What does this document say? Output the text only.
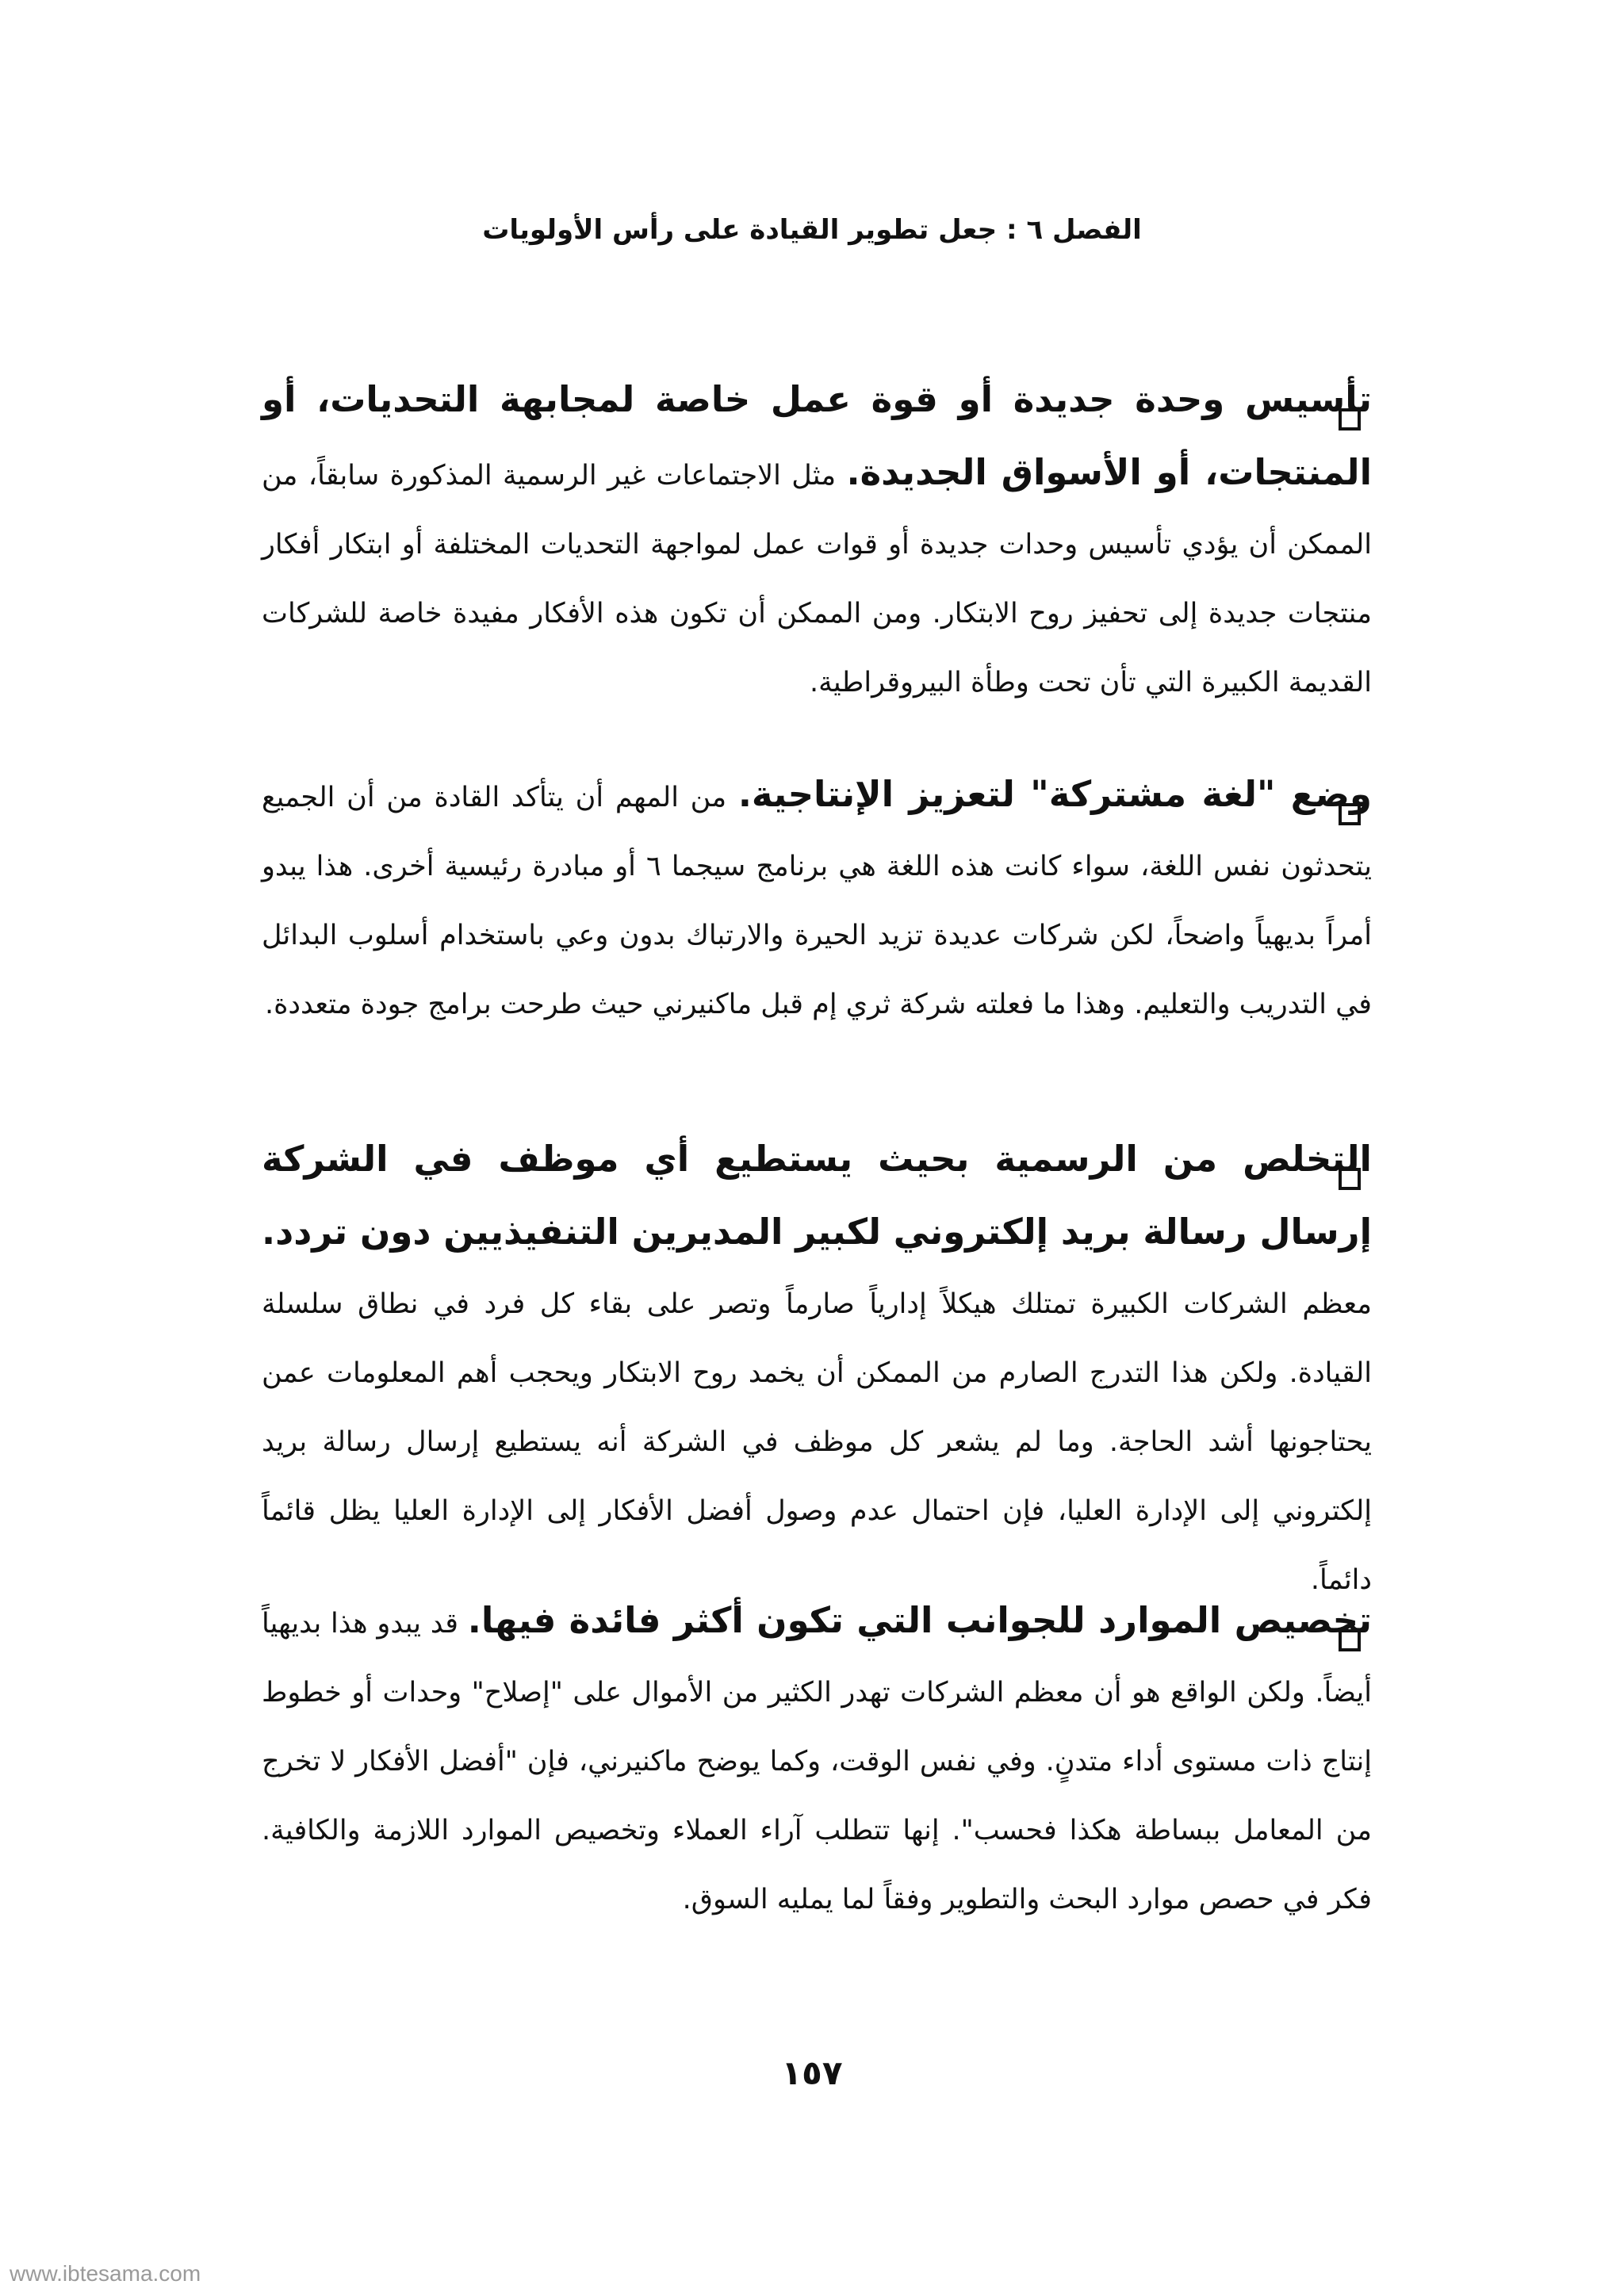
الفصل ٦ : جعل تطوير القيادة على رأس الأولويات
تأسيس وحدة جديدة أو قوة عمل خاصة لمجابهة التحديات، أو المنتجات، أو الأسواق الجديدة. مثل الاجتماعات غير الرسمية المذكورة سابقاً، من الممكن أن يؤدي تأسيس وحدات جديدة أو قوات عمل لمواجهة التحديات المختلفة أو ابتكار أفكار منتجات جديدة إلى تحفيز روح الابتكار. ومن الممكن أن تكون هذه الأفكار مفيدة خاصة للشركات القديمة الكبيرة التي تأن تحت وطأة البيروقراطية.
وضع "لغة مشتركة" لتعزيز الإنتاجية. من المهم أن يتأكد القادة من أن الجميع يتحدثون نفس اللغة، سواء كانت هذه اللغة هي برنامج سيجما ٦ أو مبادرة رئيسية أخرى. هذا يبدو أمراً بديهياً واضحاً، لكن شركات عديدة تزيد الحيرة والارتباك بدون وعي باستخدام أسلوب البدائل في التدريب والتعليم. وهذا ما فعلته شركة ثري إم قبل ماكنيرني حيث طرحت برامج جودة متعددة.
التخلص من الرسمية بحيث يستطيع أي موظف في الشركة إرسال رسالة بريد إلكتروني لكبير المديرين التنفيذيين دون تردد. معظم الشركات الكبيرة تمتلك هيكلاً إدارياً صارماً وتصر على بقاء كل فرد في نطاق سلسلة القيادة. ولكن هذا التدرج الصارم من الممكن أن يخمد روح الابتكار ويحجب أهم المعلومات عمن يحتاجونها أشد الحاجة. وما لم يشعر كل موظف في الشركة أنه يستطيع إرسال رسالة بريد إلكتروني إلى الإدارة العليا، فإن احتمال عدم وصول أفضل الأفكار إلى الإدارة العليا يظل قائماً دائماً.
تخصيص الموارد للجوانب التي تكون أكثر فائدة فيها. قد يبدو هذا بديهياً أيضاً. ولكن الواقع هو أن معظم الشركات تهدر الكثير من الأموال على "إصلاح" وحدات أو خطوط إنتاج ذات مستوى أداء متدنٍ. وفي نفس الوقت، وكما يوضح ماكنيرني، فإن "أفضل الأفكار لا تخرج من المعامل ببساطة هكذا فحسب". إنها تتطلب آراء العملاء وتخصيص الموارد اللازمة والكافية. فكر في حصص موارد البحث والتطوير وفقاً لما يمليه السوق.
١٥٧
www.ibtesama.com
